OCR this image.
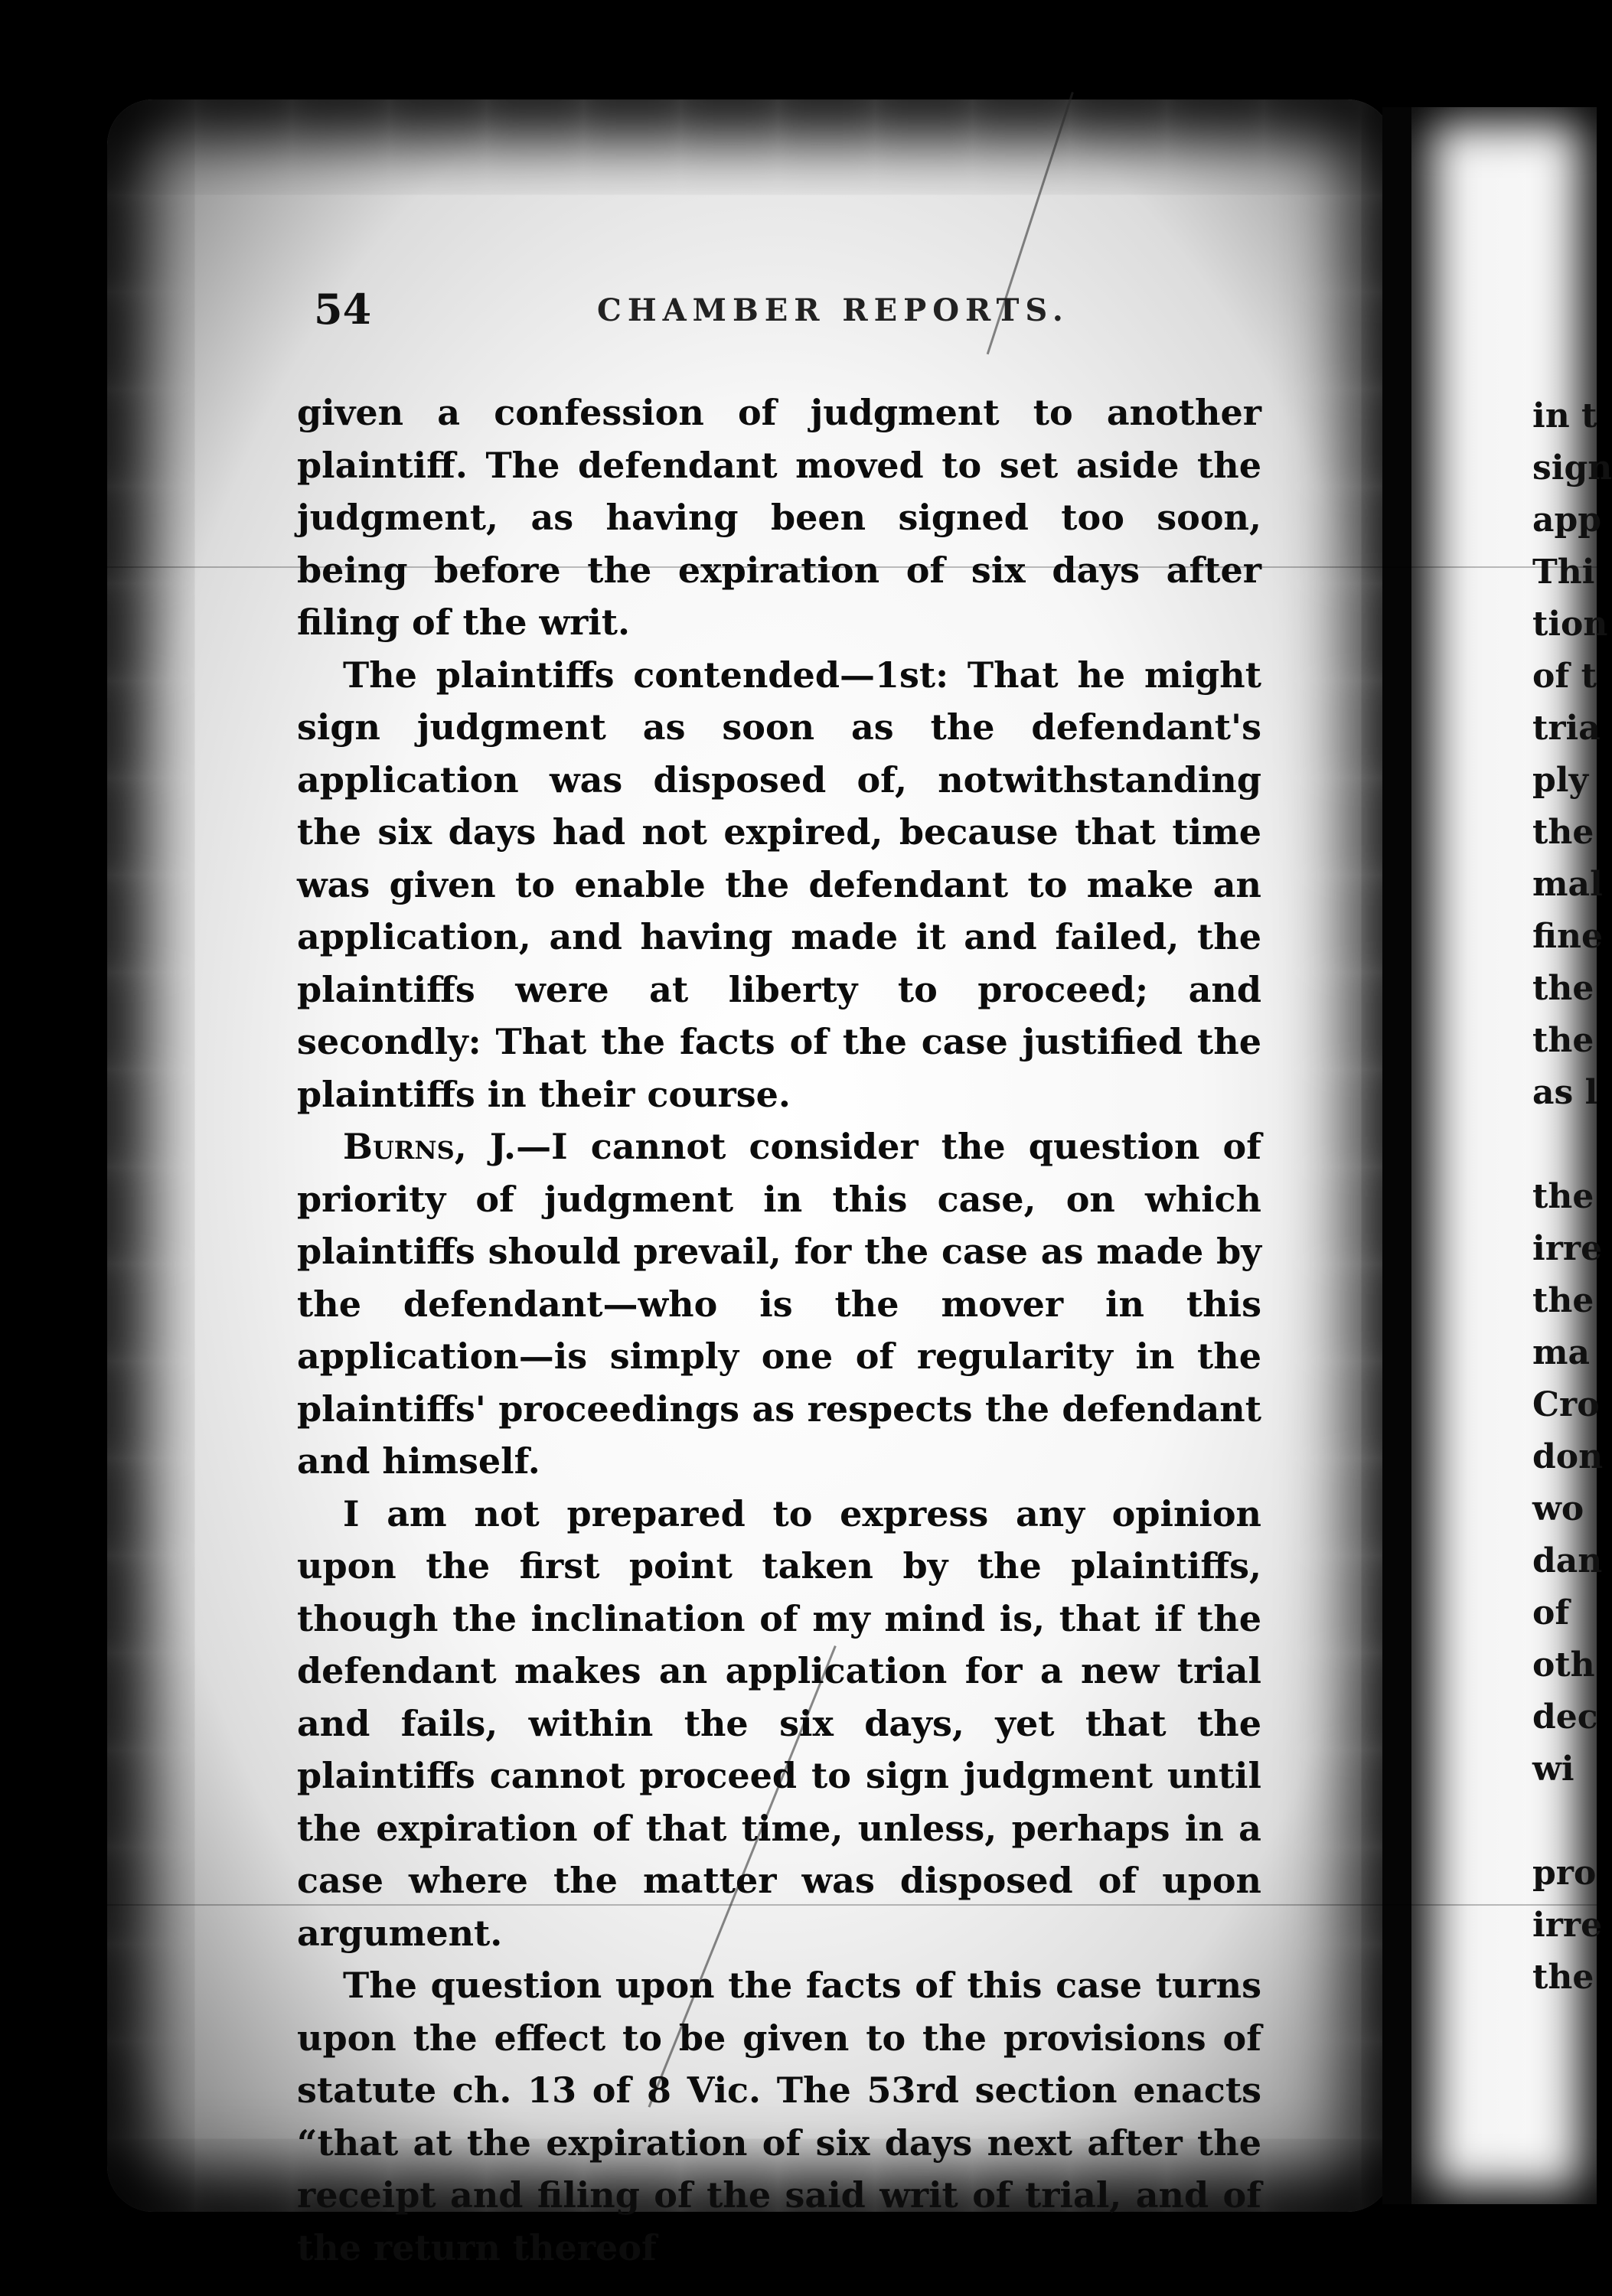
54	CHAMBER REPORTS.

given a confession of judgment to another plaintiff. The defendant moved to set aside the judgment, as having been signed too soon, being before the expiration of six days after filing of the writ.

The plaintiffs contended—1st: That he might sign judgment as soon as the defendant's application was disposed of, notwithstanding the six days had not expired, because that time was given to enable the defendant to make an application, and having made it and failed, the plaintiffs were at liberty to proceed; and secondly: That the facts of the case justified the plaintiffs in their course.

Burns, J.—I cannot consider the question of priority of judgment in this case, on which plaintiffs should prevail, for the case as made by the defendant—who is the mover in this application—is simply one of regularity in the plaintiffs' proceedings as respects the defendant and himself.

I am not prepared to express any opinion upon the first point taken by the plaintiffs, though the inclination of my mind is, that if the defendant makes an application for a new trial and fails, within the six days, yet that the plaintiffs cannot proceed to sign judgment until the expiration of that time, unless, perhaps in a case where the matter was disposed of upon argument.

The question upon the facts of this case turns upon the effect to be given to the provisions of statute ch. 13 of 8 Vic. The 53rd section enacts “that at the expiration of six days next after the receipt and filing of the said writ of trial, and of the return thereof

in t
sign
app
Thi
tion
of t
tria
ply
the
mal
fine
the
the
as l
the
irre
the
ma
Cro
don
wo
dan
of
oth
dec
wi
pro
irre
the
